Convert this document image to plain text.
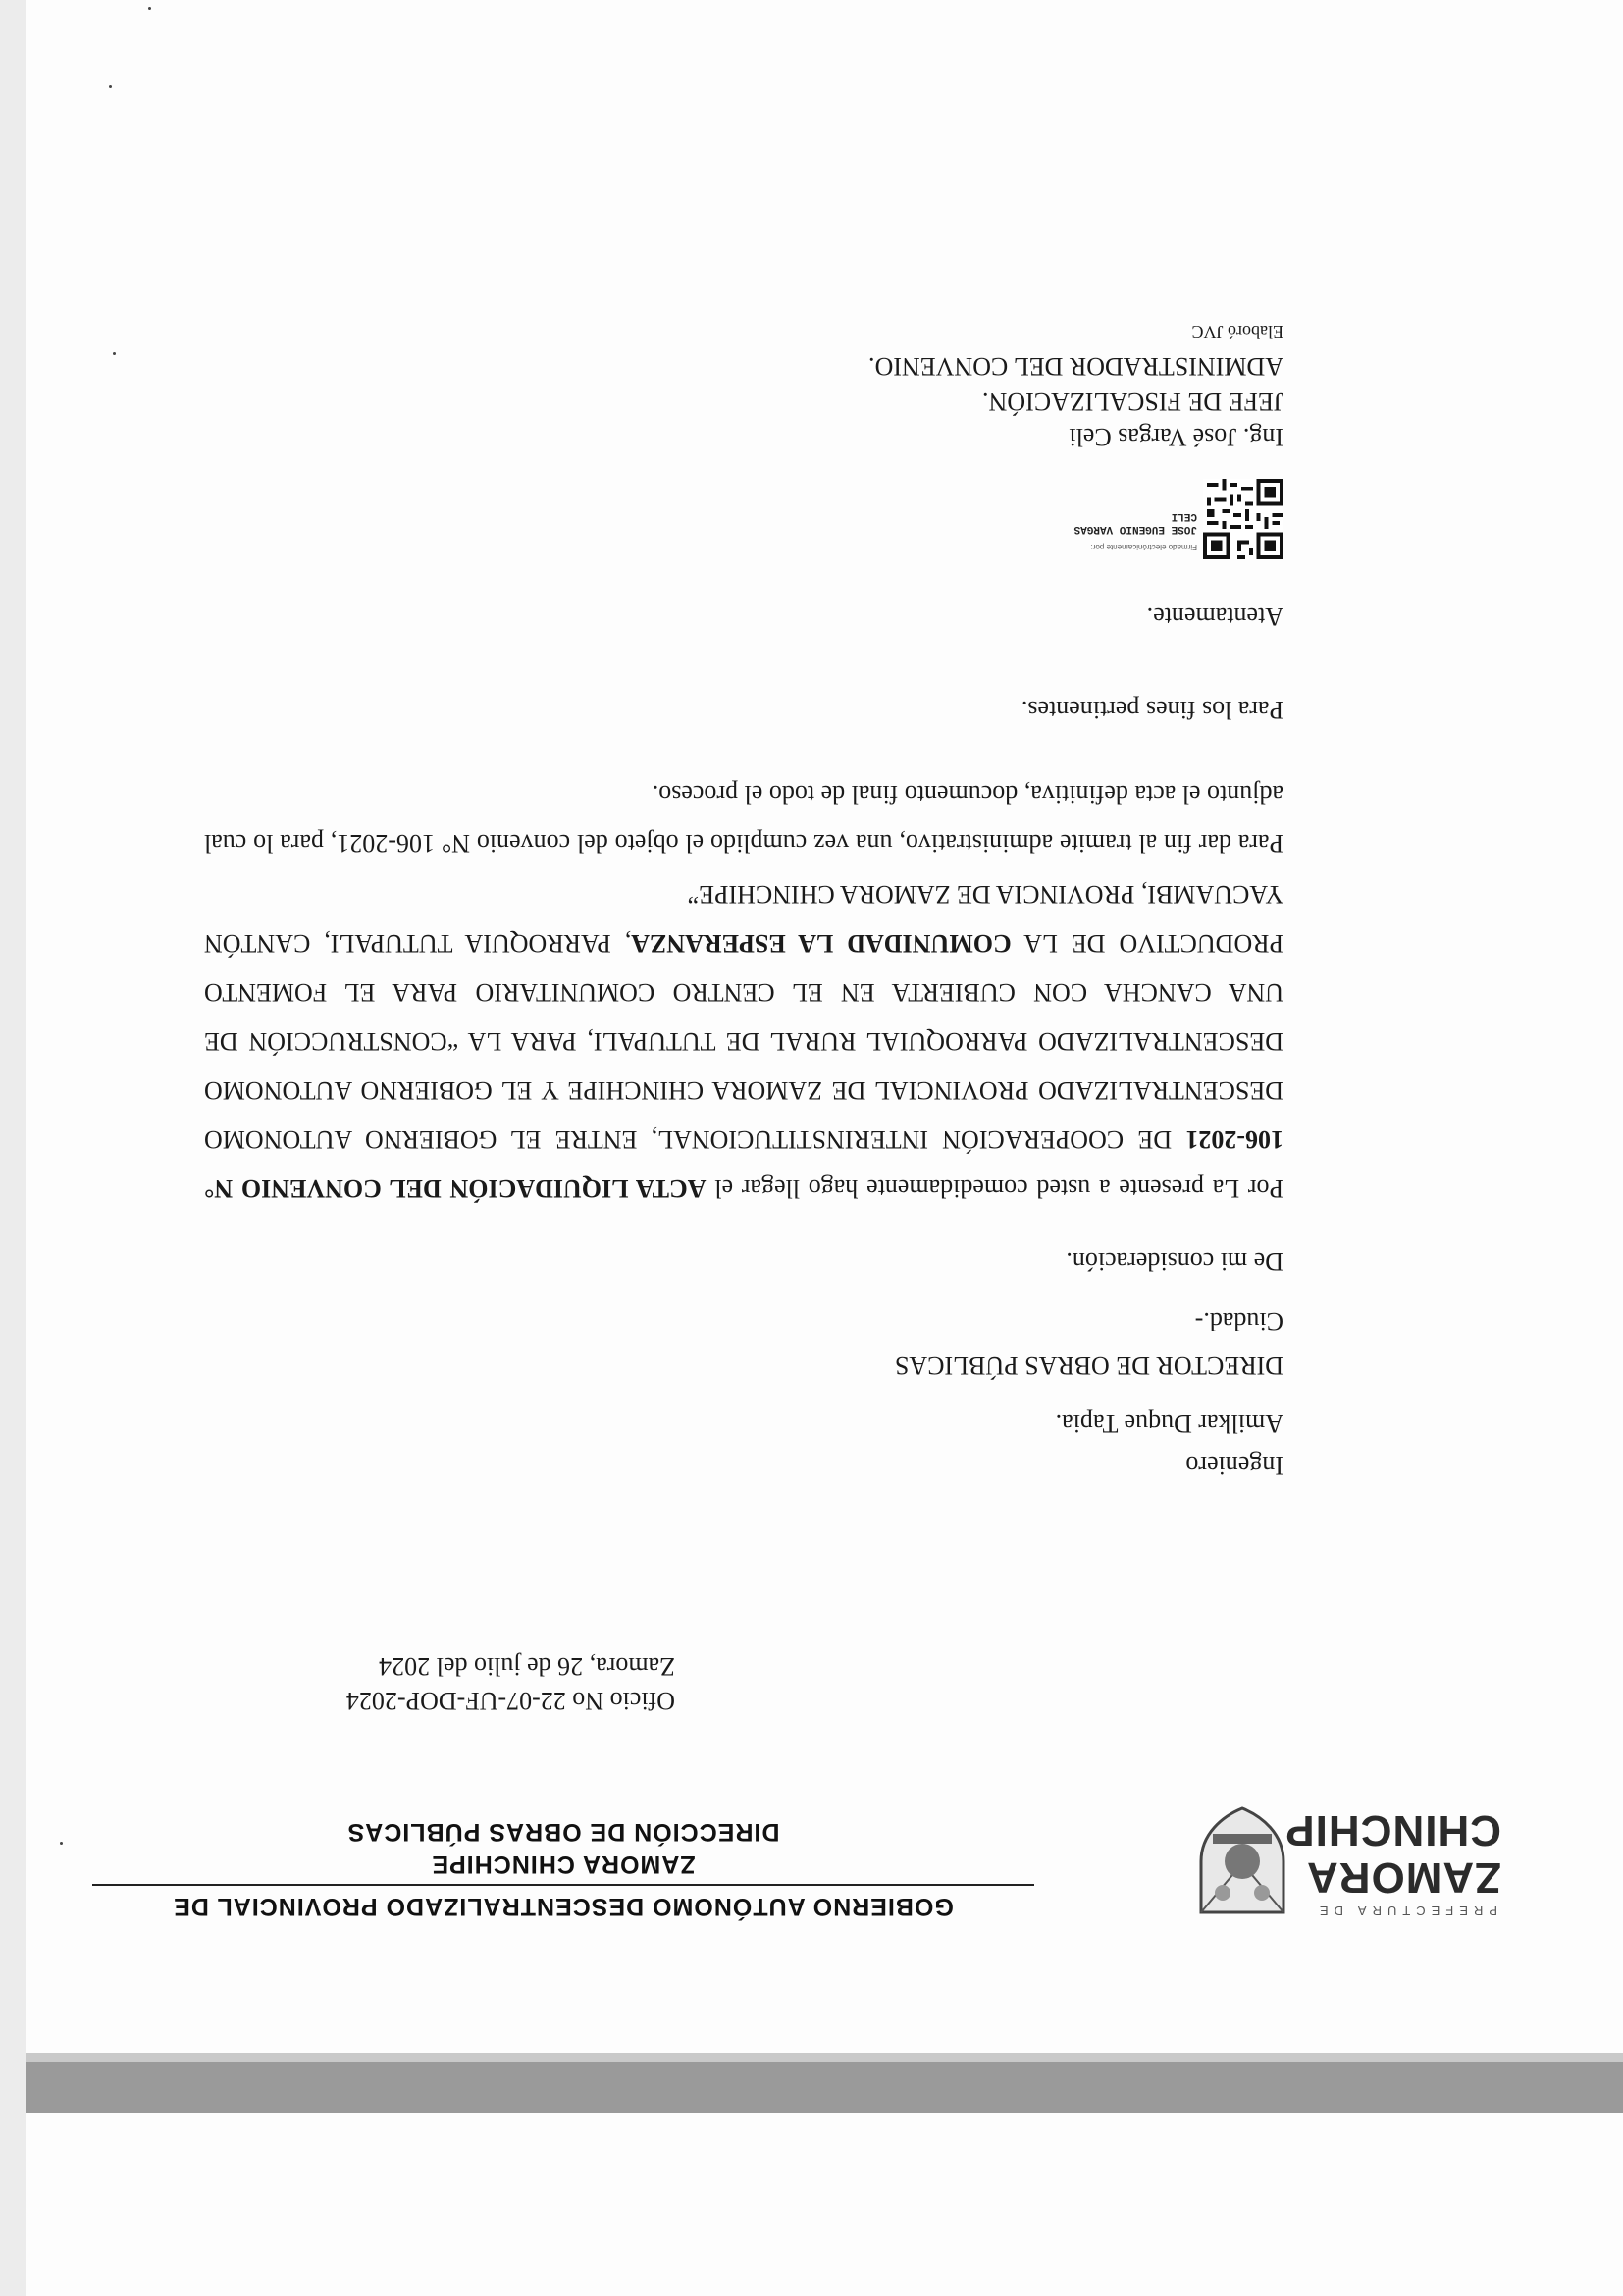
PREFECTURA DE
ZAMORA
CHINCHIP
GOBIERNO AUTÓNOMO DESCENTRALIZADO PROVINCIAL DE
ZAMORA CHINCHIPE
DIRECCIÓN DE OBRAS PÚBLICAS
Oficio No 22-07-UF-DOP-2024
Zamora, 26 de julio del 2024
Ingeniero
Amilkar Duque Tapia.
DIRECTOR DE OBRAS PÚBLICAS
Ciudad.-
De mi consideración.
Por La presente a usted comedidamente hago llegar el ACTA LIQUIDACIÓN DEL CONVENIO N° 106-2021 DE COOPERACIÓN INTERINSTITUCIONAL, ENTRE EL GOBIERNO AUTONOMO DESCENTRALIZADO PROVINCIAL DE ZAMORA CHINCHIPE Y EL GOBIERNO AUTONOMO DESCENTRALIZADO PARROQUIAL RURAL DE TUTUPALI, PARA LA “CONSTRUCCIÓN DE UNA CANCHA CON CUBIERTA EN EL CENTRO COMUNITARIO PARA EL FOMENTO PRODUCTIVO DE LA COMUNIDAD LA ESPERANZA, PARROQUIA TUTUPALI, CANTÓN YACUAMBI, PROVINCIA DE ZAMORA CHINCHIPE”
Para dar fin al tramite administrativo, una vez cumplido el objeto del convenio N° 106-2021, para lo cual adjunto el acta definitiva, documento final de todo el proceso.
Para los fines pertinentes.
Atentamente.
Firmado electrónicamente por:
JOSE EUGENIO VARGAS
CELI
Ing. José Vargas Celi
JEFE DE FISCALIZACIÓN.
ADMINISTRADOR DEL CONVENIO.
Elaboró JVC
